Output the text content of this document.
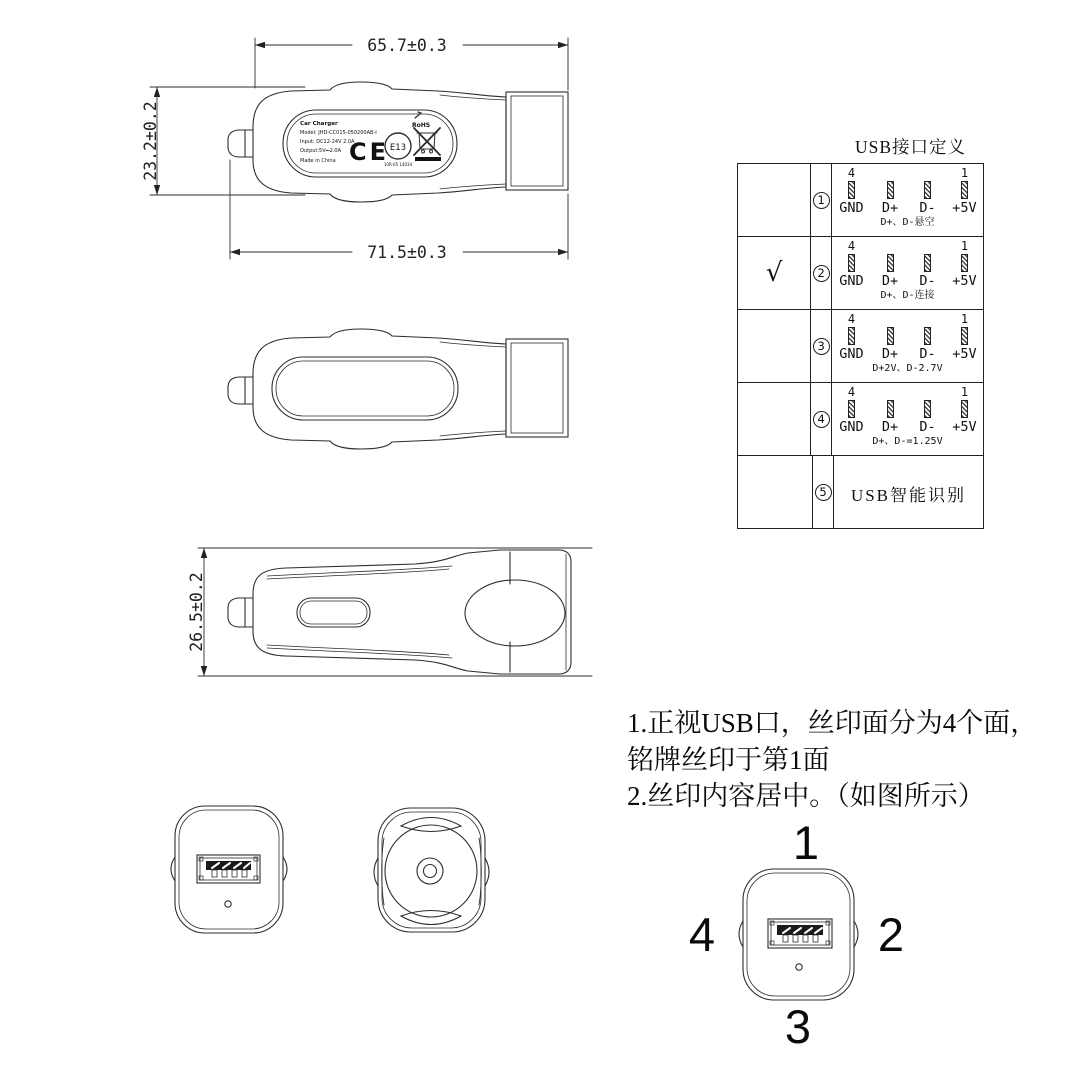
Car Charger
Model: JHD-CC015-050200AB-I
Input: DC12-24V 2.0A
Output:5V⎓2.0A
Made in China CE E13
10R-05 14034
RoHS
65.7±0.3
71.5±0.3
23.2±0.2
26.5±0.2
1
2
3
4
USB接口定义
1
4
GND D+ D-
1
+5V
D+、D-悬空
√	2
4
GND D+ D-
1
+5V
D+、D-连接
3
4
GND D+ D-
1
+5V
D+2V、D-2.7V
4
4
GND D+ D-
1
+5V
D+、D-=1.25V
5	USB智能识别
1.正视USB口，丝印面分为4个面，
铭牌丝印于第1面
2.丝印内容居中。（如图所示）
